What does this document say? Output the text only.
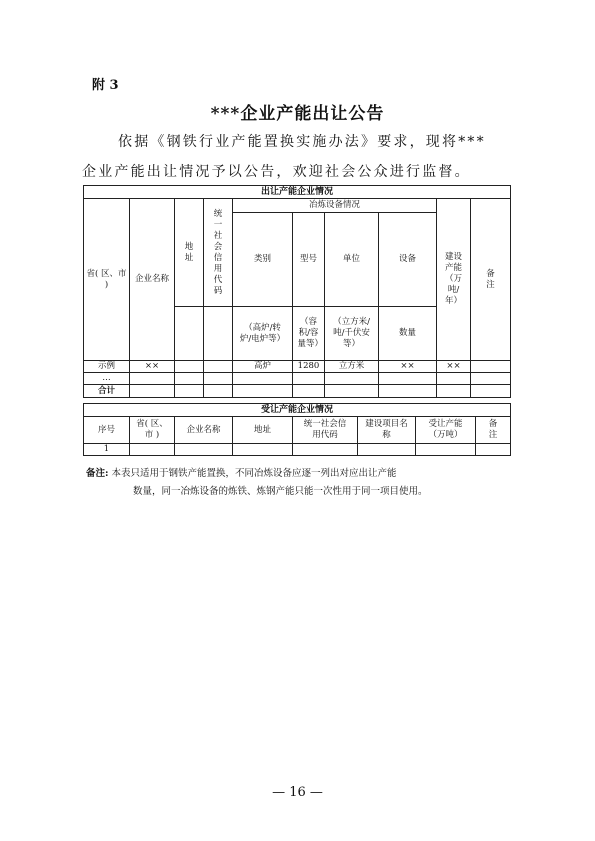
附 3
***企业产能出让公告
依据《钢铁行业产能置换实施办法》要求，现将***
企业产能出让情况予以公告，欢迎社会公众进行监督。
出让产能企业情况									
省( 区、市 )	企业名称	地址	统一社会信用代码	冶炼设备情况				建设产能（万吨/年）	备注

				类别	型号	单位	设备		

				（高炉/转炉/电炉等）	（容积/容量等）	（立方米/吨/千伏安等）	数量		
示例	××			高炉	1280	立方米	××	××	
…									
合计									
受让产能企业情况							
序号	省( 区、市 )	企业名称	地址	统一社会信用代码	建设项目名称	受让产能（万吨）	备注

1							
备注: 本表只适用于钢铁产能置换，不同冶炼设备应逐一列出对应出让产能
数量，同一冶炼设备的炼铁、炼钢产能只能一次性用于同一项目使用。
— 16 —
